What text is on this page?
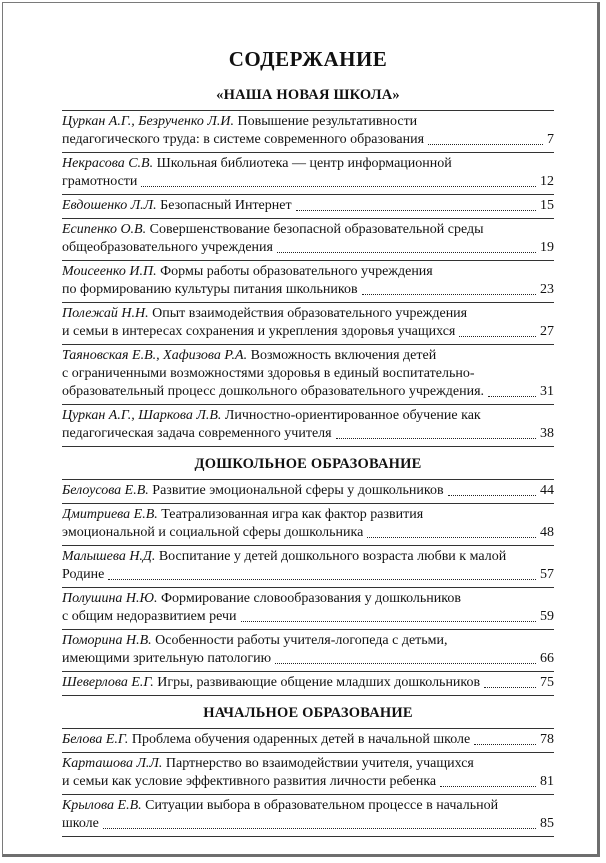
СОДЕРЖАНИЕ
«НАША НОВАЯ ШКОЛА»
Цуркан А.Г., Безрученко Л.И. Повышение результативности
педагогического труда: в системе современного образования	7
Некрасова С.В. Школьная библиотека — центр информационной
грамотности	12
Евдошенко Л.Л. Безопасный Интернет	15
Есипенко О.В. Совершенствование безопасной образовательной среды
общеобразовательного учреждения	19
Моисеенко И.П. Формы работы образовательного учреждения
по формированию культуры питания школьников	23
Полежай Н.Н. Опыт взаимодействия образовательного учреждения
и семьи в интересах сохранения и укрепления здоровья учащихся	27
Таяновская Е.В., Хафизова Р.А. Возможность включения детей
с ограниченными возможностями здоровья в единый воспитательно-
образовательный процесс дошкольного образовательного учреждения.	31
Цуркан А.Г., Шаркова Л.В. Личностно-ориентированное обучение как
педагогическая задача современного учителя	38
ДОШКОЛЬНОЕ ОБРАЗОВАНИЕ
Белоусова Е.В. Развитие эмоциональной сферы у дошкольников	44
Дмитриева Е.В. Театрализованная игра как фактор развития
эмоциональной и социальной сферы дошкольника	48
Малышева Н.Д. Воспитание у детей дошкольного возраста любви к малой
Родине	57
Полушина Н.Ю. Формирование словообразования у дошкольников
с общим недоразвитием речи	59
Поморина Н.В. Особенности работы учителя-логопеда с детьми,
имеющими зрительную патологию	66
Шеверлова Е.Г. Игры, развивающие общение младших дошкольников	75
НАЧАЛЬНОЕ ОБРАЗОВАНИЕ
Белова Е.Г. Проблема обучения одаренных детей в начальной школе	78
Карташова Л.Л. Партнерство во взаимодействии учителя, учащихся
и семьи как условие эффективного развития личности ребенка	81
Крылова Е.В. Ситуации выбора в образовательном процессе в начальной
школе	85
